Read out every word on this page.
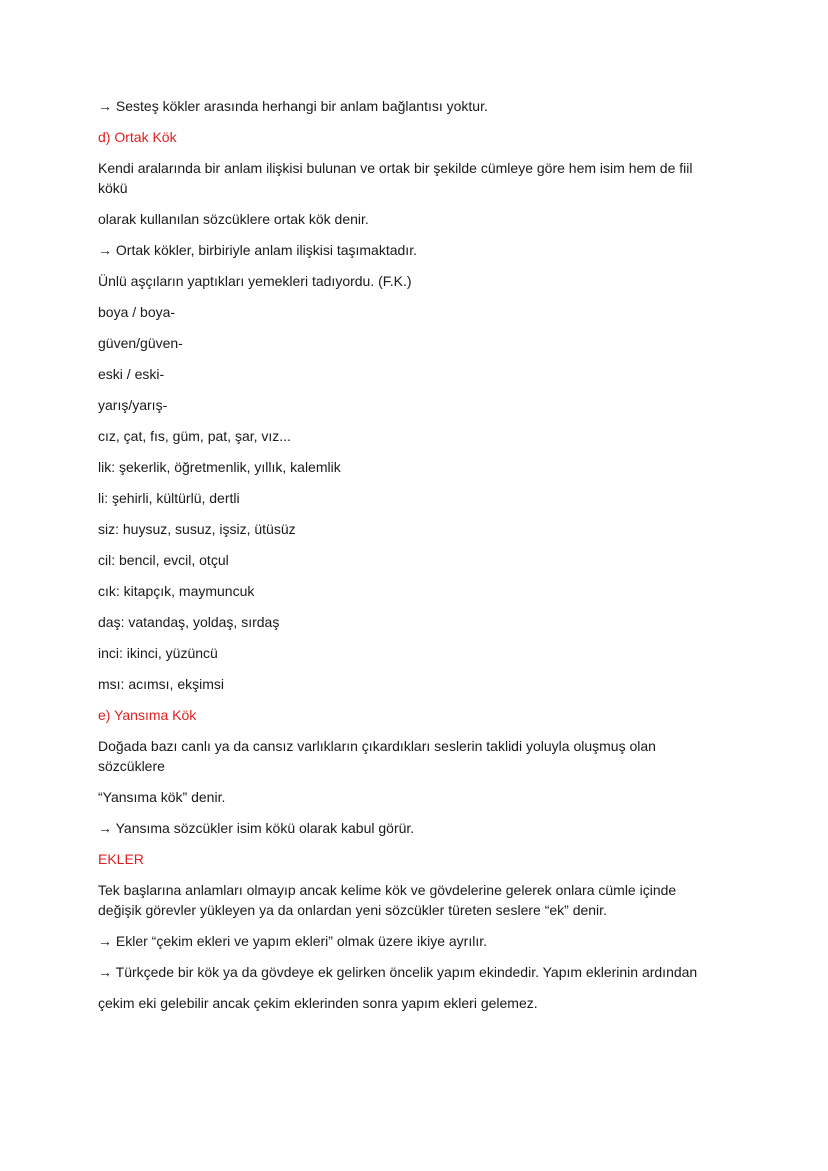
→ Sesteş kökler arasında herhangi bir anlam bağlantısı yoktur.
d) Ortak Kök
Kendi aralarında bir anlam ilişkisi bulunan ve ortak bir şekilde cümleye göre hem isim hem de fiil
kökü
olarak kullanılan sözcüklere ortak kök denir.
→ Ortak kökler, birbiriyle anlam ilişkisi taşımaktadır.
Ünlü aşçıların yaptıkları yemekleri tadıyordu. (F.K.)
boya / boya-
güven/güven-
eski / eski-
yarış/yarış-
cız, çat, fıs, güm, pat, şar, vız...
lik: şekerlik, öğretmenlik, yıllık, kalemlik
li: şehirli, kültürlü, dertli
siz: huysuz, susuz, işsiz, ütüsüz
cil: bencil, evcil, otçul
cık: kitapçık, maymuncuk
daş: vatandaş, yoldaş, sırdaş
inci: ikinci, yüzüncü
msı: acımsı, ekşimsi
e) Yansıma Kök
Doğada bazı canlı ya da cansız varlıkların çıkardıkları seslerin taklidi yoluyla oluşmuş olan
sözcüklere
“Yansıma kök” denir.
→ Yansıma sözcükler isim kökü olarak kabul görür.
EKLER
Tek başlarına anlamları olmayıp ancak kelime kök ve gövdelerine gelerek onlara cümle içinde
değişik görevler yükleyen ya da onlardan yeni sözcükler türeten seslere “ek” denir.
→ Ekler “çekim ekleri ve yapım ekleri” olmak üzere ikiye ayrılır.
→ Türkçede bir kök ya da gövdeye ek gelirken öncelik yapım ekindedir. Yapım eklerinin ardından
çekim eki gelebilir ancak çekim eklerinden sonra yapım ekleri gelemez.
